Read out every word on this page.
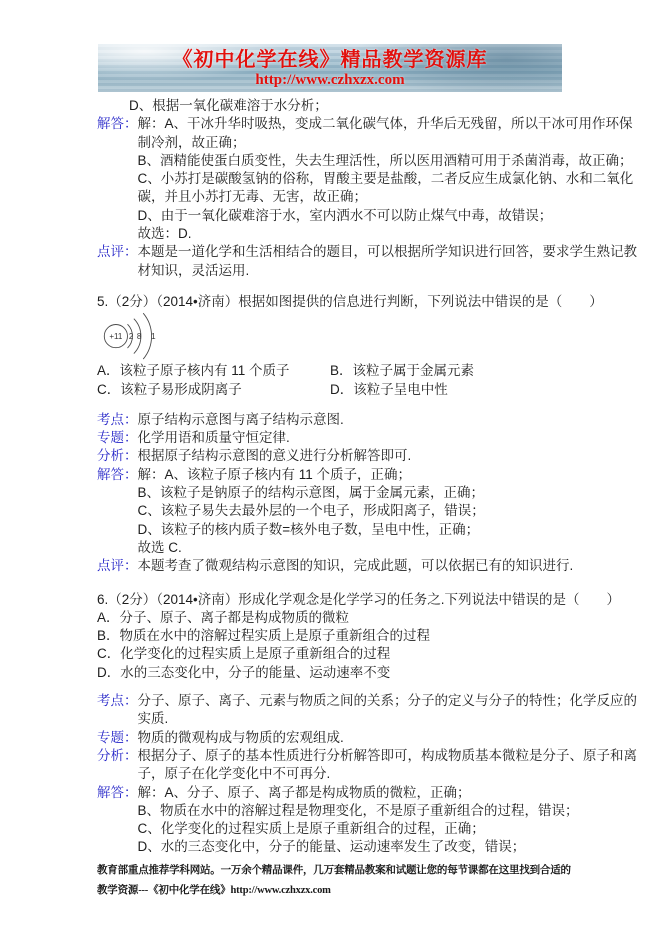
《初中化学在线》精品教学资源库
http://www.czhxzx.com
D、根据一氧化碳难溶于水分析；
解答： 解：A、干冰升华时吸热，变成二氧化碳气体，升华后无残留，所以干冰可用作环保
制冷剂，故正确；
B、酒精能使蛋白质变性，失去生理活性，所以医用酒精可用于杀菌消毒，故正确；
C、小苏打是碳酸氢钠的俗称，胃酸主要是盐酸，二者反应生成氯化钠、水和二氧化
碳，并且小苏打无毒、无害，故正确；
D、由于一氧化碳难溶于水，室内洒水不可以防止煤气中毒，故错误；
故选：D.
点评： 本题是一道化学和生活相结合的题目，可以根据所学知识进行回答，要求学生熟记教
材知识，灵活运用.
5.（2分）（2014•济南）根据如图提供的信息进行判断，下列说法中错误的是（　　）
+11 2 8 1
A．该粒子原子核内有 11 个质子	B．该粒子属于金属元素
C．该粒子易形成阴离子	D．该粒子呈电中性
考点： 原子结构示意图与离子结构示意图.
专题： 化学用语和质量守恒定律.
分析： 根据原子结构示意图的意义进行分析解答即可.
解答： 解：A、该粒子原子核内有 11 个质子，正确；
B、该粒子是钠原子的结构示意图，属于金属元素，正确；
C、该粒子易失去最外层的一个电子，形成阳离子，错误；
D、该粒子的核内质子数=核外电子数，呈电中性，正确；
故选 C.
点评： 本题考查了微观结构示意图的知识，完成此题，可以依据已有的知识进行.
6.（2分）（2014•济南）形成化学观念是化学学习的任务之.下列说法中错误的是（　　）
A．分子、原子、离子都是构成物质的微粒
B．物质在水中的溶解过程实质上是原子重新组合的过程
C．化学变化的过程实质上是原子重新组合的过程
D．水的三态变化中，分子的能量、运动速率不变
考点： 分子、原子、离子、元素与物质之间的关系；分子的定义与分子的特性；化学反应的
实质.
专题： 物质的微观构成与物质的宏观组成.
分析： 根据分子、原子的基本性质进行分析解答即可，构成物质基本微粒是分子、原子和离
子，原子在化学变化中不可再分.
解答： 解：A、分子、原子、离子都是构成物质的微粒，正确；
B、物质在水中的溶解过程是物理变化，不是原子重新组合的过程，错误；
C、化学变化的过程实质上是原子重新组合的过程，正确；
D、水的三态变化中，分子的能量、运动速率发生了改变，错误；
教育部重点推荐学科网站。一万余个精品课件，几万套精品教案和试题让您的每节课都在这里找到合适的
教学资源---《初中化学在线》http://www.czhxzx.com
